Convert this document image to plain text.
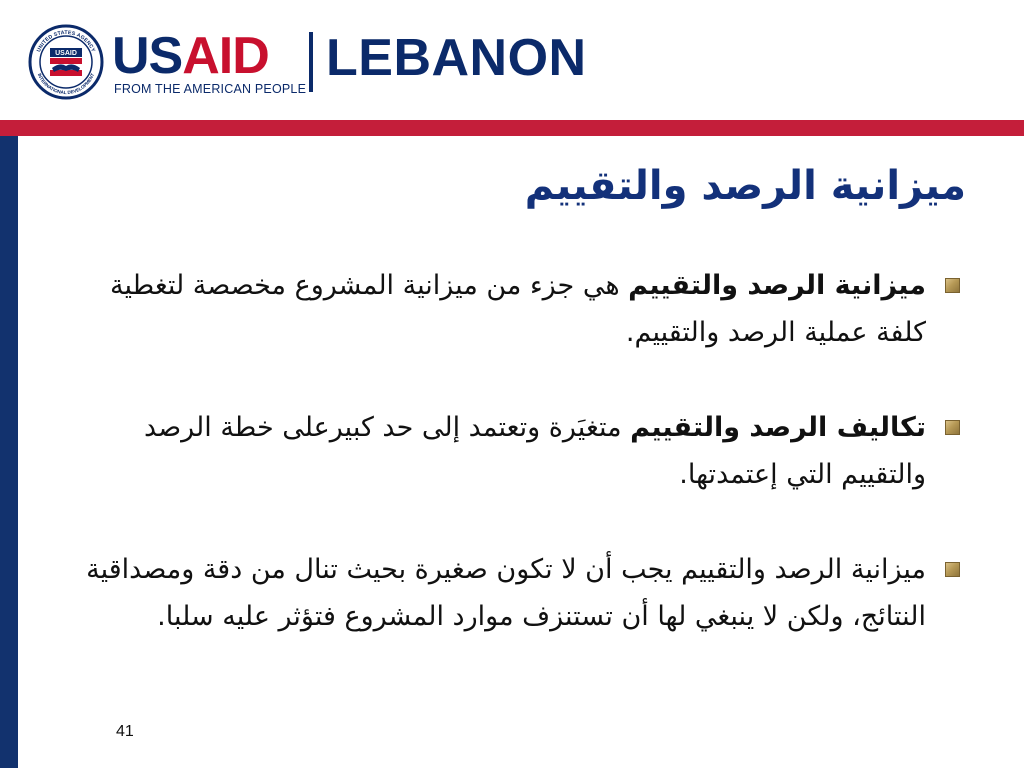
UNITED STATES AGENCY
INTERNATIONAL DEVELOPMENT
USAID USAID
FROM THE AMERICAN PEOPLE
LEBANON
ميزانية الرصد والتقييم
ميزانية الرصد والتقييم هي جزء من ميزانية المشروع مخصصة لتغطية كلفة عملية الرصد والتقييم.
تكاليف الرصد والتقييم متغيَرة وتعتمد إلى حد كبيرعلى خطة الرصد والتقييم التي إعتمدتها.
ميزانية الرصد والتقييم يجب أن لا تكون صغيرة بحيث تنال من دقة ومصداقية النتائج، ولكن لا ينبغي لها أن تستنزف موارد المشروع فتؤثر عليه سلبا.
41
